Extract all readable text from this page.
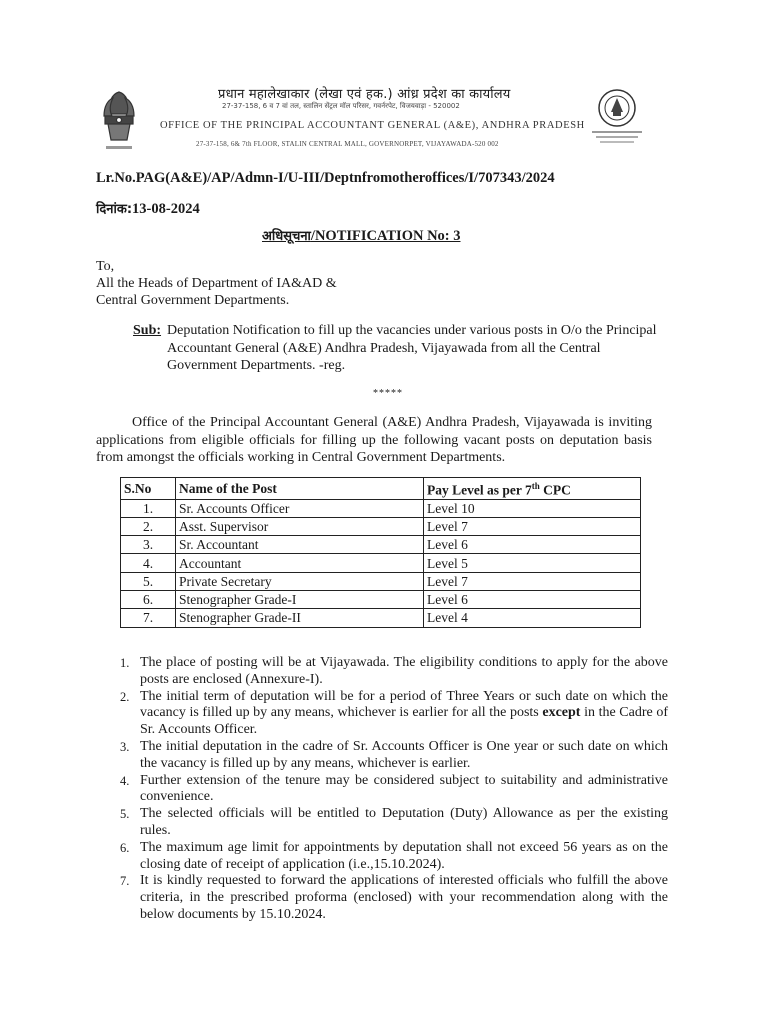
प्रधान महालेखाकार (लेखा एवं हक.) आंध्र प्रदेश का कार्यालय
27-37-158, 6 व 7 वां तल, स्तालिन सेंट्रल मॉल परिसर, गवर्नरपेट, विजयवाड़ा - 520002
OFFICE OF THE PRINCIPAL ACCOUNTANT GENERAL (A&E), ANDHRA PRADESH
27-37-158, 6& 7th FLOOR, STALIN CENTRAL MALL, GOVERNORPET, VIJAYAWADA-520 002
Lr.No.PAG(A&E)/AP/Admn-I/U-III/Deptnfromotheroffices/I/707343/2024
दिनांक:13-08-2024
अधिसूचना/NOTIFICATION No: 3
To,
All the Heads of Department of IA&AD &
Central Government Departments.
Sub: Deputation Notification to fill up the vacancies under various posts in O/o the Principal Accountant General (A&E) Andhra Pradesh, Vijayawada from all the Central Government Departments. -reg.
*****
Office of the Principal Accountant General (A&E) Andhra Pradesh, Vijayawada is inviting applications from eligible officials for filling up the following vacant posts on deputation basis from amongst the officials working in Central Government Departments.
S.No	Name of the Post	Pay Level as per 7th CPC
1.	Sr. Accounts Officer	Level 10
2.	Asst. Supervisor	Level 7
3.	Sr. Accountant	Level 6
4.	Accountant	Level 5
5.	Private Secretary	Level 7
6.	Stenographer Grade-I	Level 6
7.	Stenographer Grade-II	Level 4
1. The place of posting will be at Vijayawada. The eligibility conditions to apply for the above posts are enclosed (Annexure-I).
2. The initial term of deputation will be for a period of Three Years or such date on which the vacancy is filled up by any means, whichever is earlier for all the posts except in the Cadre of Sr. Accounts Officer.
3. The initial deputation in the cadre of Sr. Accounts Officer is One year or such date on which the vacancy is filled up by any means, whichever is earlier.
4. Further extension of the tenure may be considered subject to suitability and administrative convenience.
5. The selected officials will be entitled to Deputation (Duty) Allowance as per the existing rules.
6. The maximum age limit for appointments by deputation shall not exceed 56 years as on the closing date of receipt of application (i.e.,15.10.2024).
7. It is kindly requested to forward the applications of interested officials who fulfill the above criteria, in the prescribed proforma (enclosed) with your recommendation along with the below documents by 15.10.2024.
